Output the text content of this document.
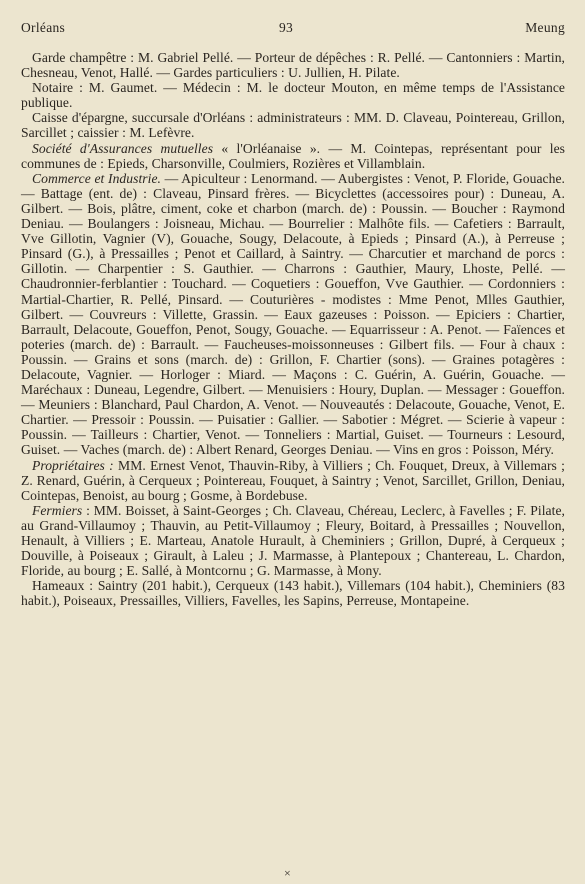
Orléans	93	Meung

Garde champêtre : M. Gabriel Pellé. — Porteur de dépêches : R. Pellé. — Cantonniers : Martin, Chesneau, Venot, Hallé. — Gardes particuliers : U. Jullien, H. Pilate.

Notaire : M. Gaumet. — Médecin : M. le docteur Mouton, en même temps de l'Assistance publique.

Caisse d'épargne, succursale d'Orléans : administrateurs : MM. D. Claveau, Pointereau, Grillon, Sarcillet ; caissier : M. Lefèvre.

Société d'Assurances mutuelles « l'Orléanaise ». — M. Cointepas, représentant pour les communes de : Epieds, Charsonville, Coulmiers, Rozières et Villamblain.

Commerce et Industrie. — Apiculteur : Lenormand. — Aubergistes : Venot, P. Floride, Gouache. — Battage (ent. de) : Claveau, Pinsard frères. — Bicyclettes (accessoires pour) : Duneau, A. Gilbert. — Bois, plâtre, ciment, coke et charbon (march. de) : Poussin. — Boucher : Raymond Deniau. — Boulangers : Joisneau, Michau. — Bourrelier : Malhôte fils. — Cafetiers : Barrault, Vve Gillotin, Vagnier (V), Gouache, Sougy, Delacoute, à Epieds ; Pinsard (A.), à Perreuse ; Pinsard (G.), à Pressailles ; Penot et Caillard, à Saintry. — Charcutier et marchand de porcs : Gillotin. — Charpentier : S. Gauthier. — Charrons : Gauthier, Maury, Lhoste, Pellé. — Chaudronnier-ferblantier : Touchard. — Coquetiers : Goueffon, Vve Gauthier. — Cordonniers : Martial-Chartier, R. Pellé, Pinsard. — Couturières - modistes : Mme Penot, Mlles Gauthier, Gilbert. — Couvreurs : Villette, Grassin. — Eaux gazeuses : Poisson. — Epiciers : Chartier, Barrault, Delacoute, Goueffon, Penot, Sougy, Gouache. — Equarrisseur : A. Penot. — Faïences et poteries (march. de) : Barrault. — Faucheuses-moissonneuses : Gilbert fils. — Four à chaux : Poussin. — Grains et sons (march. de) : Grillon, F. Chartier (sons). — Graines potagères : Delacoute, Vagnier. — Horloger : Miard. — Maçons : C. Guérin, A. Guérin, Gouache. — Maréchaux : Duneau, Legendre, Gilbert. — Menuisiers : Houry, Duplan. — Messager : Goueffon. — Meuniers : Blanchard, Paul Chardon, A. Venot. — Nouveautés : Delacoute, Gouache, Venot, E. Chartier. — Pressoir : Poussin. — Puisatier : Gallier. — Sabotier : Mégret. — Scierie à vapeur : Poussin. — Tailleurs : Chartier, Venot. — Tonneliers : Martial, Guiset. — Tourneurs : Lesourd, Guiset. — Vaches (march. de) : Albert Renard, Georges Deniau. — Vins en gros : Poisson, Méry.

Propriétaires : MM. Ernest Venot, Thauvin-Riby, à Villiers ; Ch. Fouquet, Dreux, à Villemars ; Z. Renard, Guérin, à Cerqueux ; Pointereau, Fouquet, à Saintry ; Venot, Sarcillet, Grillon, Deniau, Cointepas, Benoist, au bourg ; Gosme, à Bordebuse.

Fermiers : MM. Boisset, à Saint-Georges ; Ch. Claveau, Chéreau, Leclerc, à Favelles ; F. Pilate, au Grand-Villaumoy ; Thauvin, au Petit-Villaumoy ; Fleury, Boitard, à Pressailles ; Nouvellon, Henault, à Villiers ; E. Marteau, Anatole Hurault, à Cheminiers ; Grillon, Dupré, à Cerqueux ; Douville, à Poiseaux ; Girault, à Laleu ; J. Marmasse, à Plantepoux ; Chantereau, L. Chardon, Floride, au bourg ; E. Sallé, à Montcornu ; G. Marmasse, à Mony.

Hameaux : Saintry (201 habit.), Cerqueux (143 habit.), Villemars (104 habit.), Cheminiers (83 habit.), Poiseaux, Pressailles, Villiers, Favelles, les Sapins, Perreuse, Montapeine.

×
